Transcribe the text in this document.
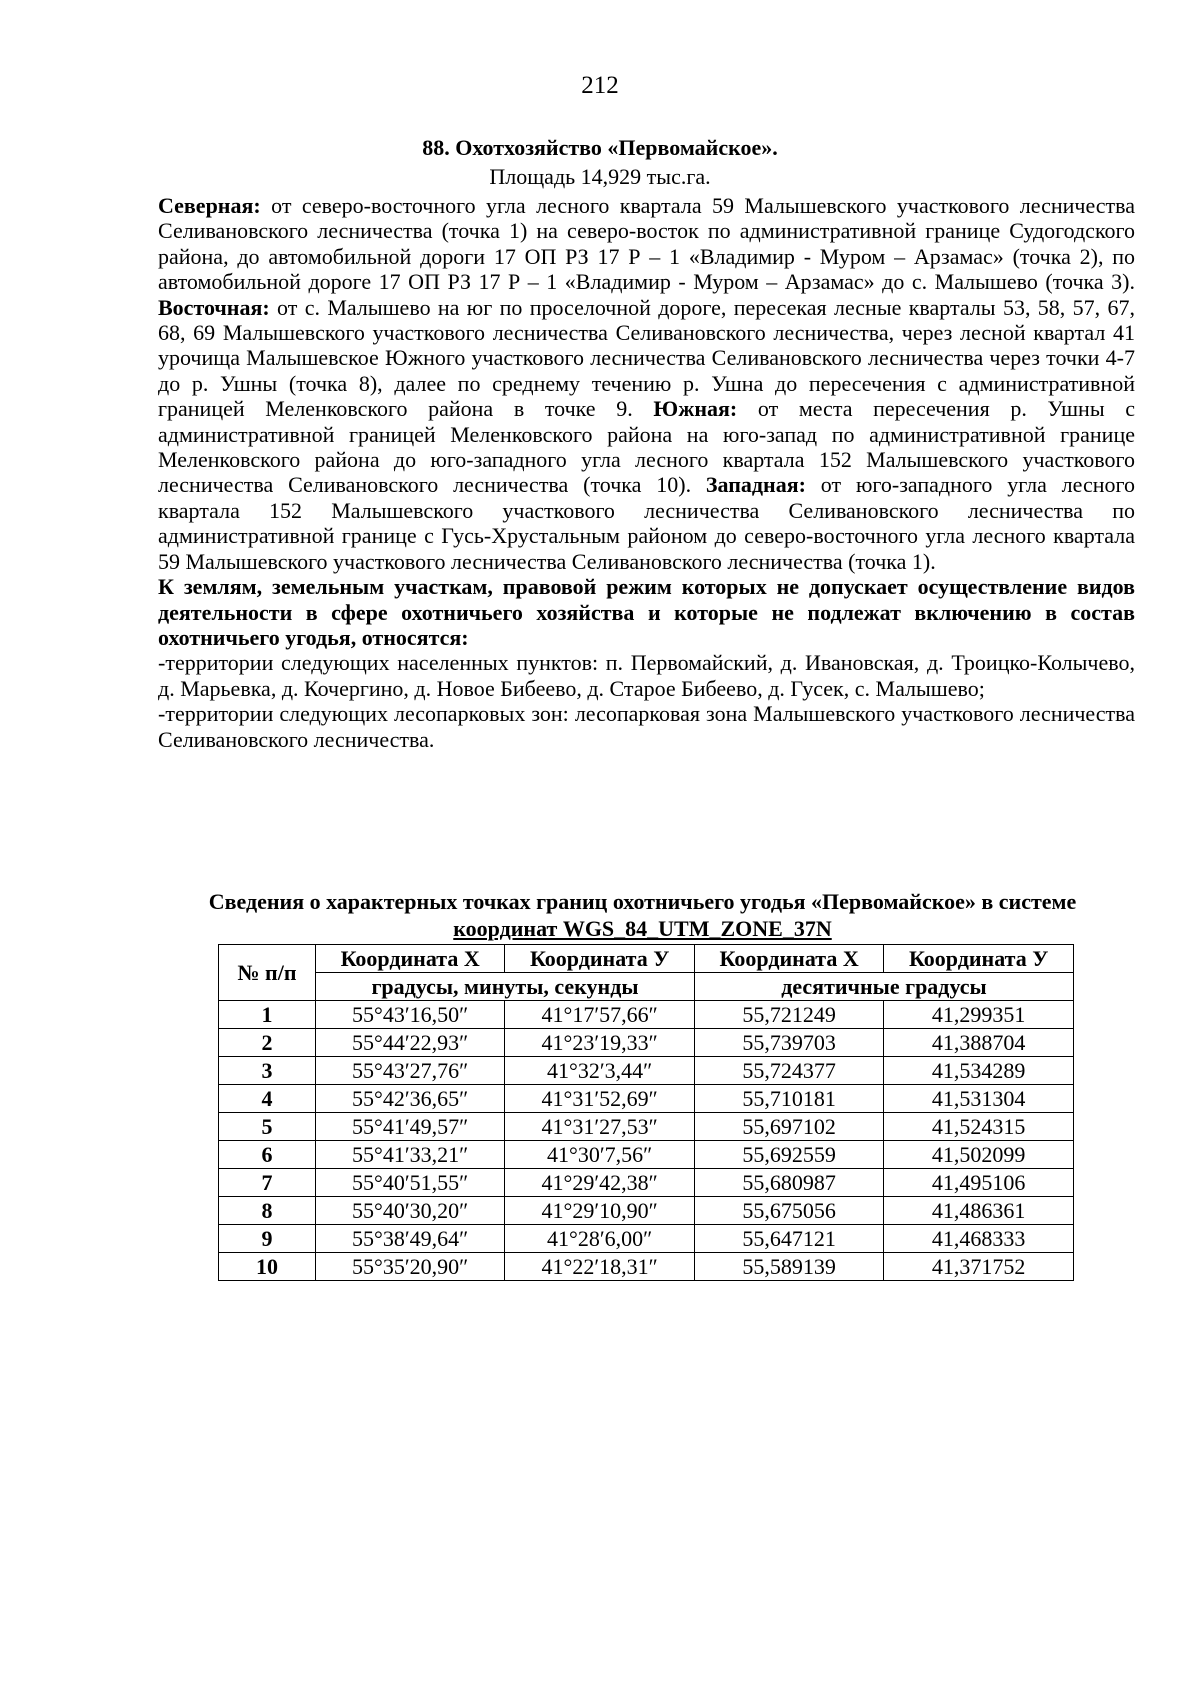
212
88. Охотхозяйство «Первомайское».
Площадь 14,929 тыс.га.

Северная: от северо-восточного угла лесного квартала 59 Малышевского участкового лесничества Селивановского лесничества (точка 1) на северо-восток по административной границе Судогодского района, до автомобильной дороги 17 ОП РЗ 17 Р – 1 «Владимир - Муром – Арзамас» (точка 2), по автомобильной дороге 17 ОП РЗ 17 Р – 1 «Владимир - Муром – Арзамас» до с. Малышево (точка 3). Восточная: от с. Малышево на юг по проселочной дороге, пересекая лесные кварталы 53, 58, 57, 67, 68, 69 Малышевского участкового лесничества Селивановского лесничества, через лесной квартал 41 урочища Малышевское Южного участкового лесничества Селивановского лесничества через точки 4-7 до р. Ушны (точка 8), далее по среднему течению р. Ушна до пересечения с административной границей Меленковского района в точке 9. Южная: от места пересечения р. Ушны с административной границей Меленковского района на юго-запад по административной границе Меленковского района до юго-западного угла лесного квартала 152 Малышевского участкового лесничества Селивановского лесничества (точка 10). Западная: от юго-западного угла лесного квартала 152 Малышевского участкового лесничества Селивановского лесничества по административной границе с Гусь-Хрустальным районом до северо-восточного угла лесного квартала 59 Малышевского участкового лесничества Селивановского лесничества (точка 1).

К землям, земельным участкам, правовой режим которых не допускает осуществление видов деятельности в сфере охотничьего хозяйства и которые не подлежат включению в состав охотничьего угодья, относятся:

-территории следующих населенных пунктов: п. Первомайский, д. Ивановская, д. Троицко-Колычево, д. Марьевка, д. Кочергино, д. Новое Бибеево, д. Старое Бибеево, д. Гусек, с. Малышево;

-территории следующих лесопарковых зон: лесопарковая зона Малышевского участкового лесничества Селивановского лесничества.

Сведения о характерных точках границ охотничьего угодья «Первомайское» в системе
координат WGS_84_UTM_ZONE_37N
№ п/п	Координата X	Координата У	Координата X	Координата У
	градусы, минуты, секунды		десятичные градусы	
1	55°43′16,50″	41°17′57,66″	55,721249	41,299351
2	55°44′22,93″	41°23′19,33″	55,739703	41,388704
3	55°43′27,76″	41°32′3,44″	55,724377	41,534289
4	55°42′36,65″	41°31′52,69″	55,710181	41,531304
5	55°41′49,57″	41°31′27,53″	55,697102	41,524315
6	55°41′33,21″	41°30′7,56″	55,692559	41,502099
7	55°40′51,55″	41°29′42,38″	55,680987	41,495106
8	55°40′30,20″	41°29′10,90″	55,675056	41,486361
9	55°38′49,64″	41°28′6,00″	55,647121	41,468333
10	55°35′20,90″	41°22′18,31″	55,589139	41,371752
